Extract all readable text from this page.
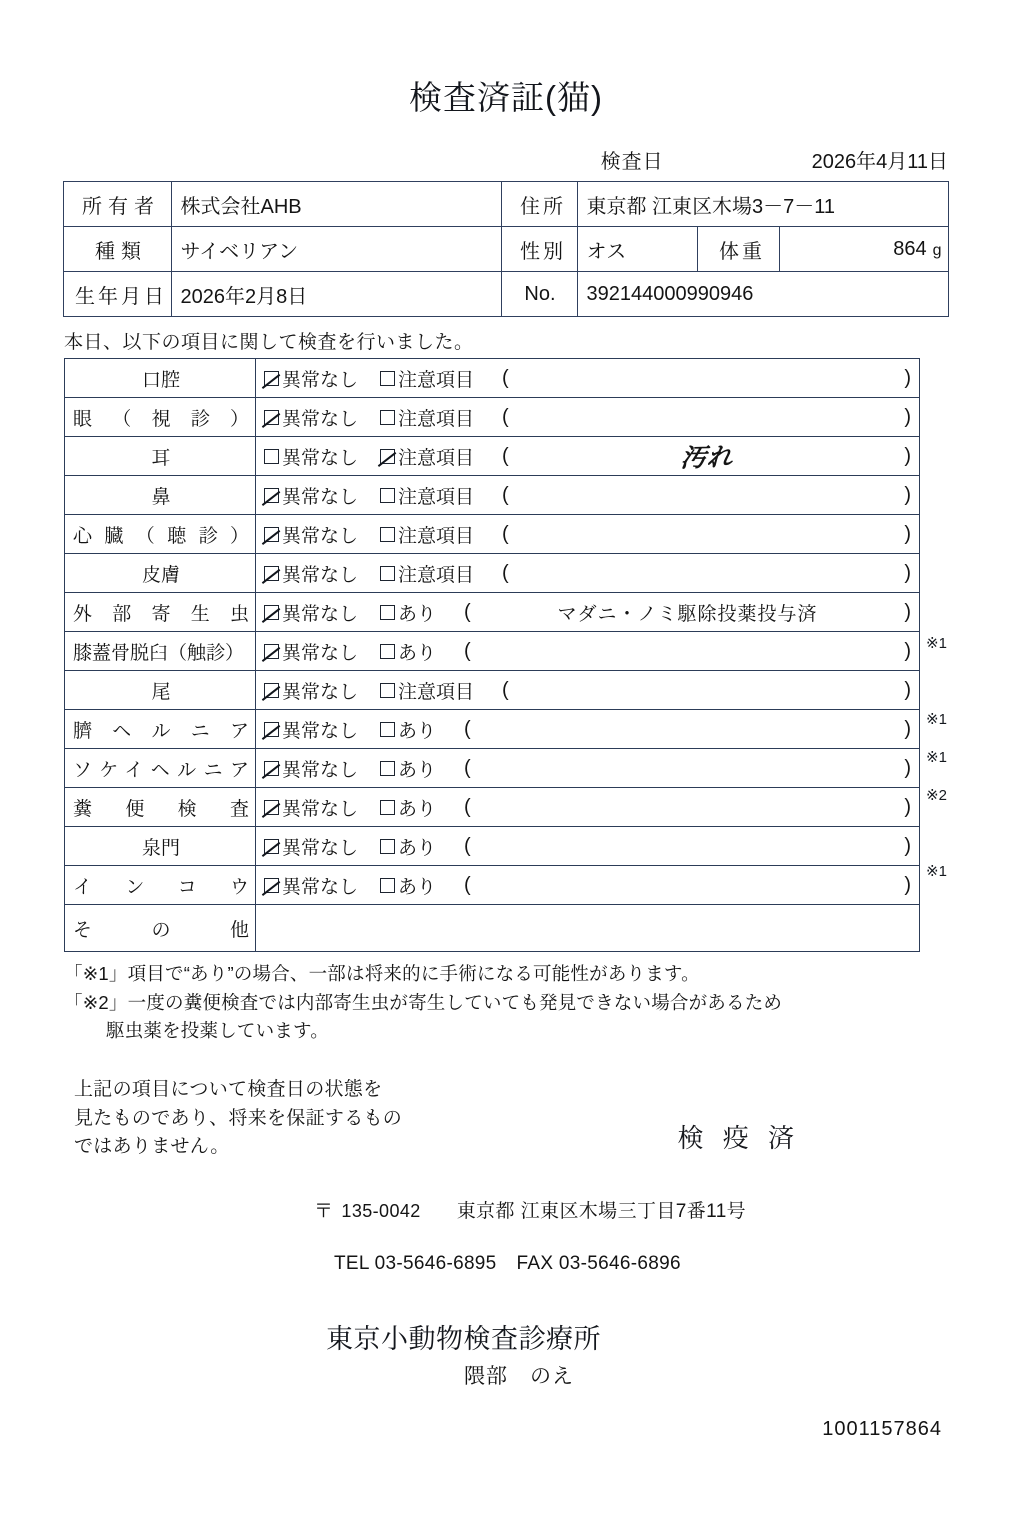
検査済証(猫)
検査日	2026年4月11日
所有者	株式会社AHB	住所	東京都 江東区木場3－7－11		
種類	サイベリアン	性別	オス	体重	864 g
生年月日	2026年2月8日	No.	392144000990946		
本日、以下の項目に関して検査を行いました。
口腔	異常なし 注意項目 ( )

眼（視診）	異常なし 注意項目 ( )

耳	異常なし 注意項目 ( 汚れ )

鼻	異常なし 注意項目 ( )

心臓（聴診）	異常なし 注意項目 ( )

皮膚	異常なし 注意項目 ( )

外部寄生虫	異常なし あり ( マダニ・ノミ駆除投薬投与済 )

膝蓋骨脱臼（触診）	異常なし あり ( )

尾	異常なし 注意項目 ( )

臍ヘルニア	異常なし あり ( )

ソケイヘルニア	異常なし あり ( )

糞便検査	異常なし あり ( )

泉門	異常なし あり ( )

インコウ	異常なし あり ( )

その他	
※1
※1
※1
※2
※1
「※1」項目で“あり”の場合、一部は将来的に手術になる可能性があります。
「※2」一度の糞便検査では内部寄生虫が寄生していても発見できない場合があるため
駆虫薬を投薬しています。
上記の項目について検査日の状態を
見たものであり、将来を保証するもの
ではありません。	検 疫 済
〒 135-0042 東京都 江東区木場三丁目7番11号
TEL 03-5646-6895 FAX 03-5646-6896
東京小動物検査診療所
隈部　のえ
1001157864
